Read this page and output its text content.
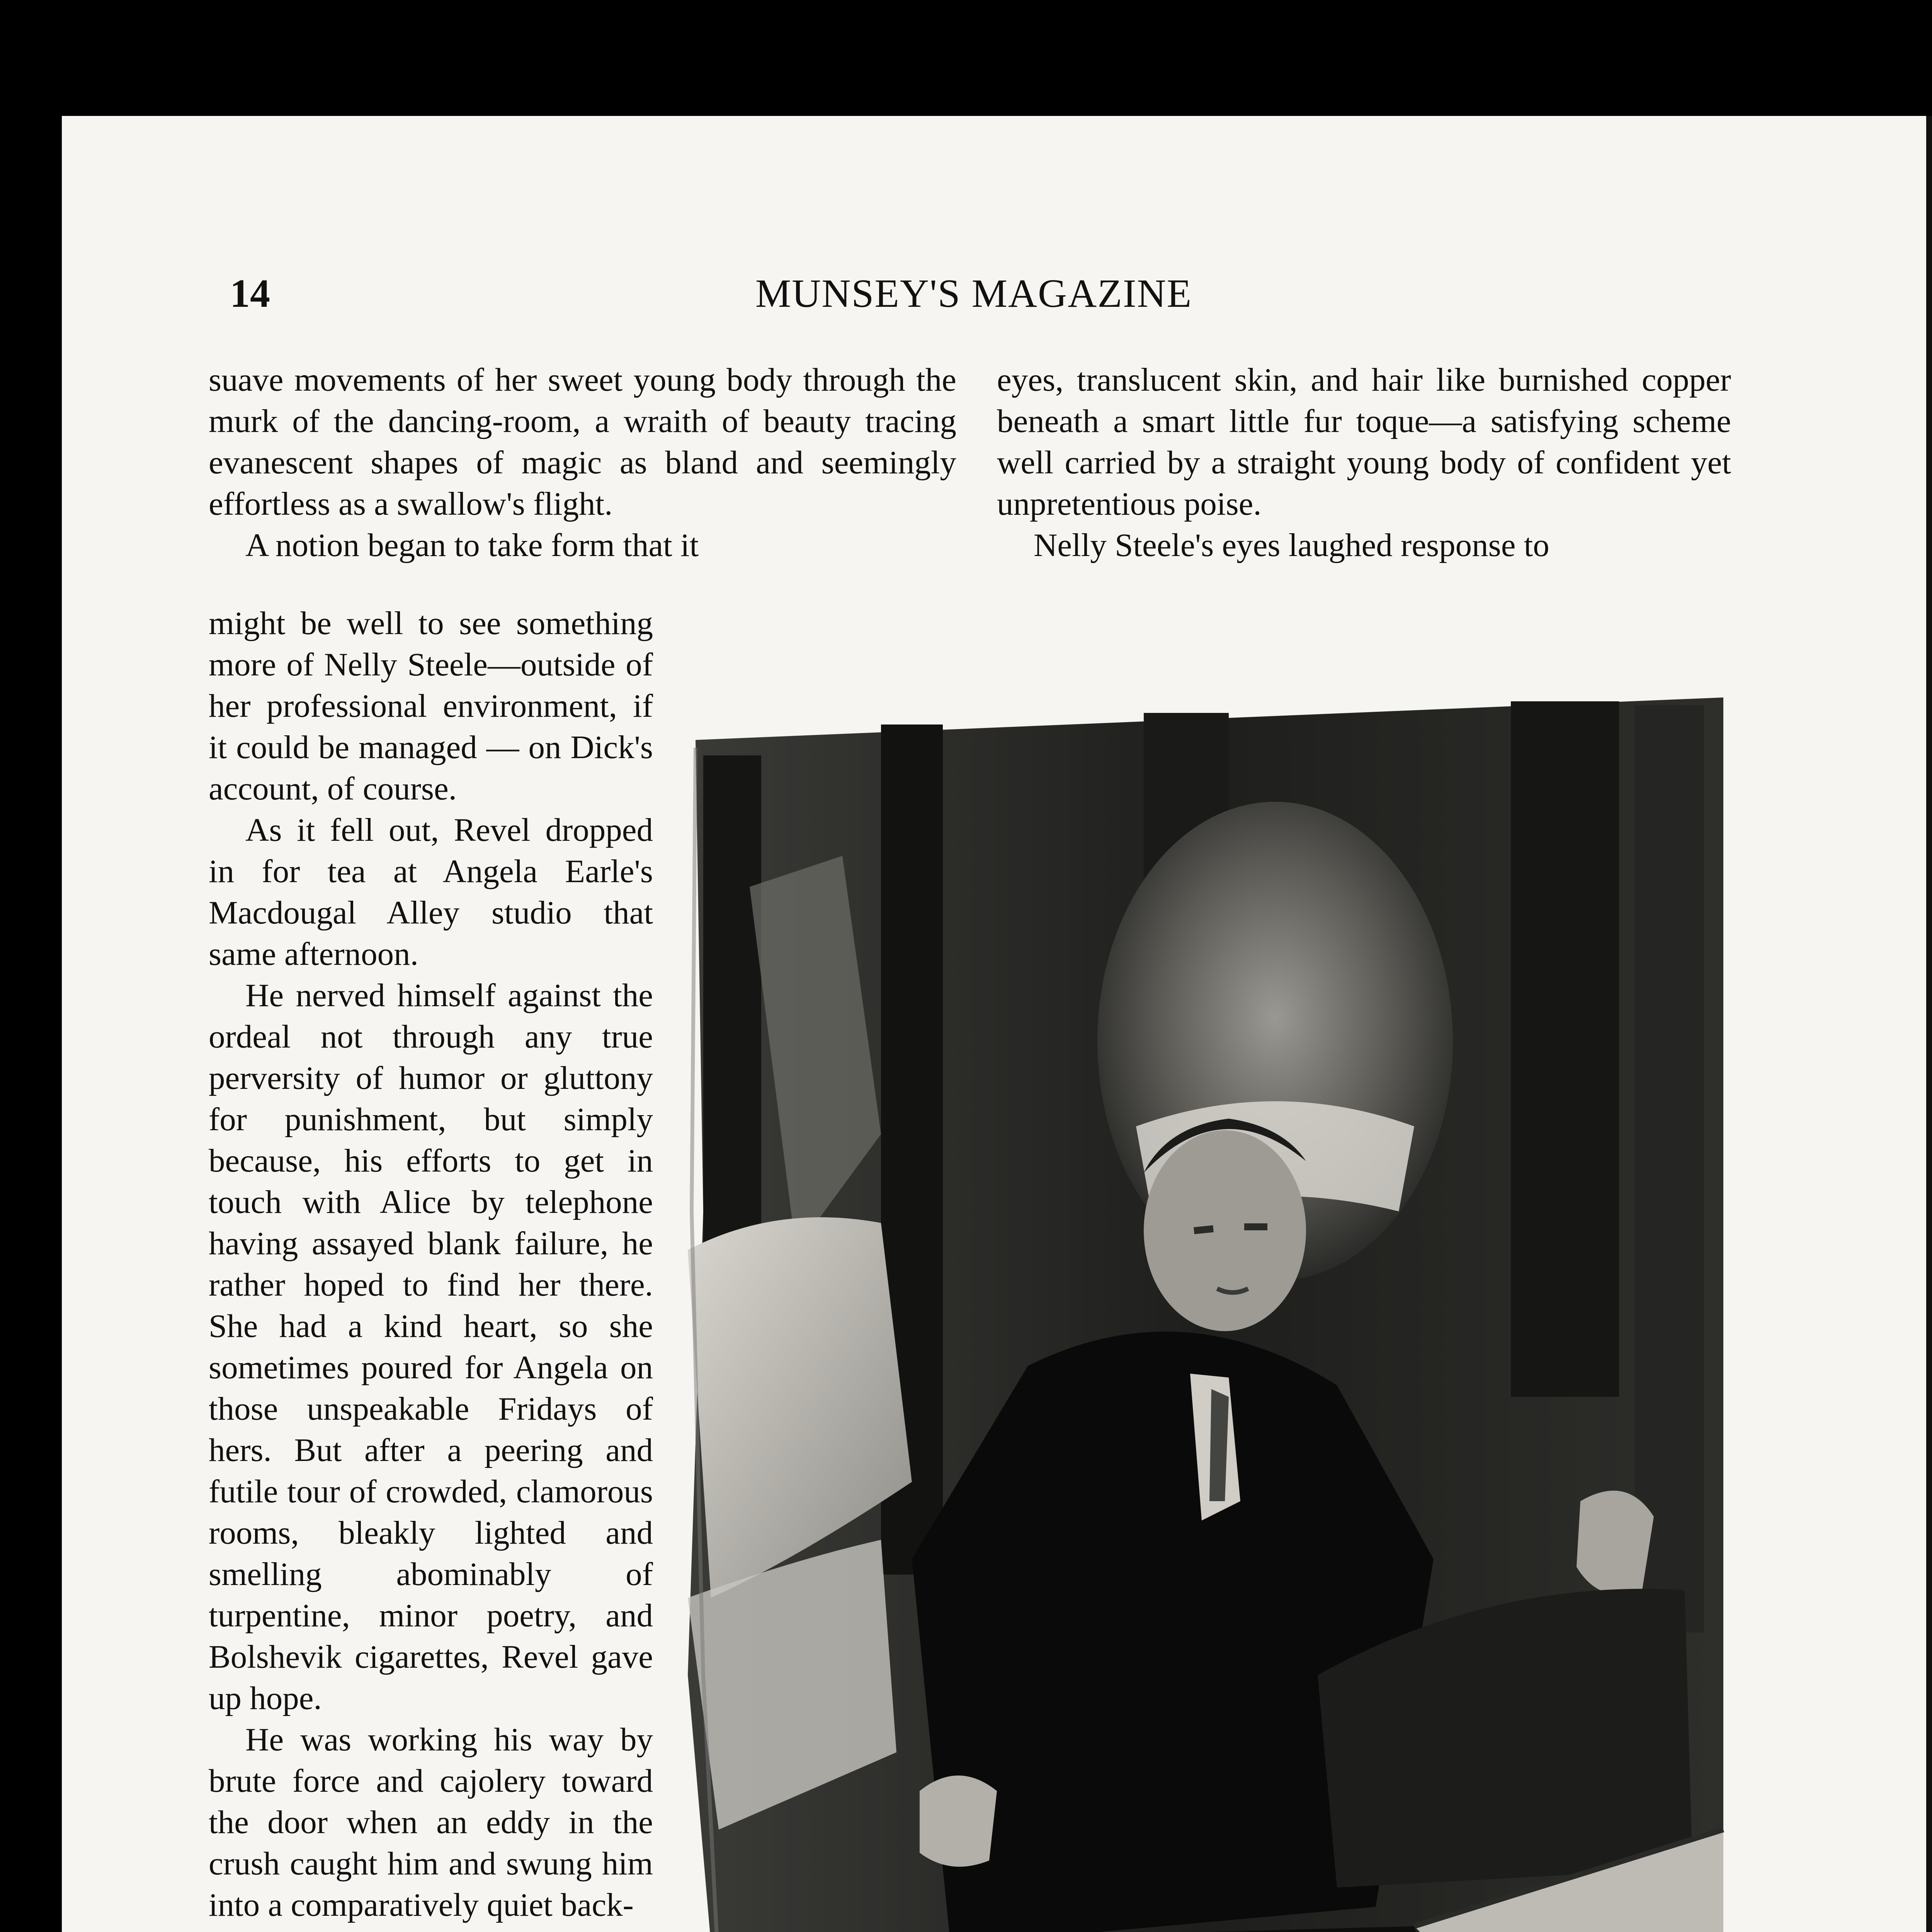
14	MUNSEY'S MAGAZINE

suave movements of her sweet young body through the murk of the dancing-room, a wraith of beauty tracing evanescent shapes of magic as bland and seemingly effortless as a swallow's flight.

A notion began to take form that it

might be well to see something more of Nelly Steele—outside of her professional environment, if it could be managed — on Dick's account, of course.

As it fell out, Revel dropped in for tea at Angela Earle's Macdougal Alley studio that same afternoon.

He nerved himself against the ordeal not through any true perversity of humor or gluttony for punishment, but simply because, his efforts to get in touch with Alice by telephone having assayed blank failure, he rather hoped to find her there. She had a kind heart, so she sometimes poured for Angela on those unspeakable Fridays of hers. But after a peering and futile tour of crowded, clamorous rooms, bleakly lighted and smelling abominably of turpentine, minor poetry, and Bolshevik cigarettes, Revel gave up hope.

He was working his way by brute force and cajolery toward the door when an eddy in the crush caught him and swung him into a comparatively quiet back-

eyes, translucent skin, and hair like burnished copper beneath a smart little fur toque—a satisfying scheme well carried by a straight young body of confident yet unpretentious poise.

Nelly Steele's eyes laughed response to
